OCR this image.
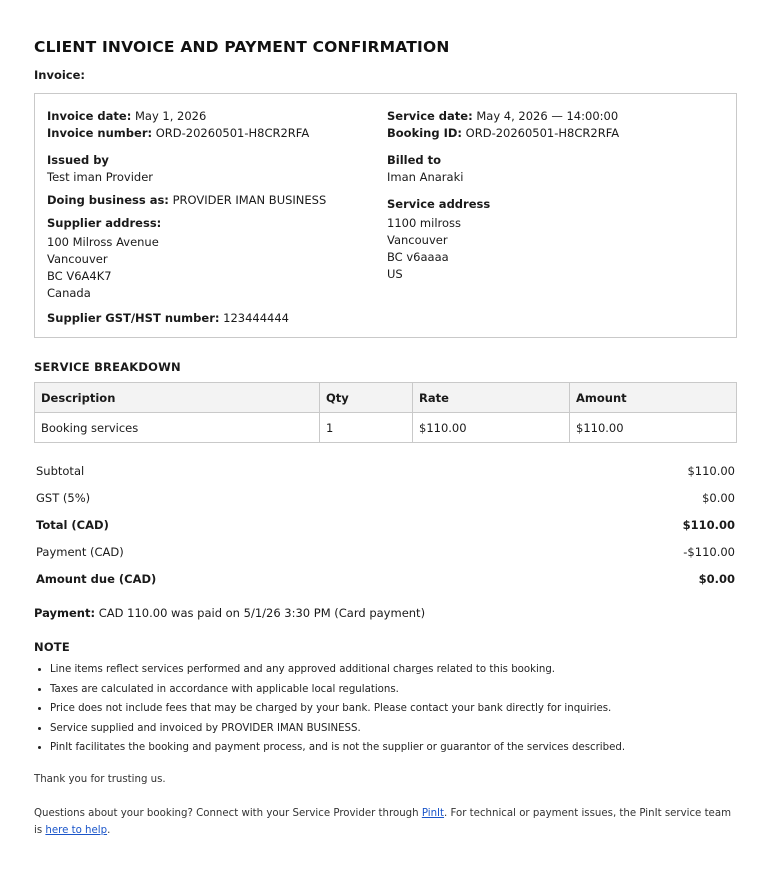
CLIENT INVOICE AND PAYMENT CONFIRMATION
Invoice:
Invoice date: May 1, 2026
Invoice number: ORD-20260501-H8CR2RFA
Issued by
Test iman Provider
Doing business as: PROVIDER IMAN BUSINESS
Supplier address:
100 Milross Avenue
Vancouver
BC V6A4K7
Canada
Supplier GST/HST number: 123444444
Service date: May 4, 2026 — 14:00:00
Booking ID: ORD-20260501-H8CR2RFA
Billed to
Iman Anaraki
Service address
1100 milross
Vancouver
BC v6aaaa
US
SERVICE BREAKDOWN
Description	Qty	Rate	Amount
Booking services	1	$110.00	$110.00
Subtotal	$110.00
GST (5%)	$0.00
Total (CAD)	$110.00
Payment (CAD)	-$110.00
Amount due (CAD)	$0.00
Payment: CAD 110.00 was paid on 5/1/26 3:30 PM (Card payment)
NOTE
• Line items reflect services performed and any approved additional charges related to this booking.
• Taxes are calculated in accordance with applicable local regulations.
• Price does not include fees that may be charged by your bank. Please contact your bank directly for inquiries.
• Service supplied and invoiced by PROVIDER IMAN BUSINESS.
• PinIt facilitates the booking and payment process, and is not the supplier or guarantor of the services described.
Thank you for trusting us.
Questions about your booking? Connect with your Service Provider through PinIt. For technical or payment issues, the PinIt service team is here to help.
